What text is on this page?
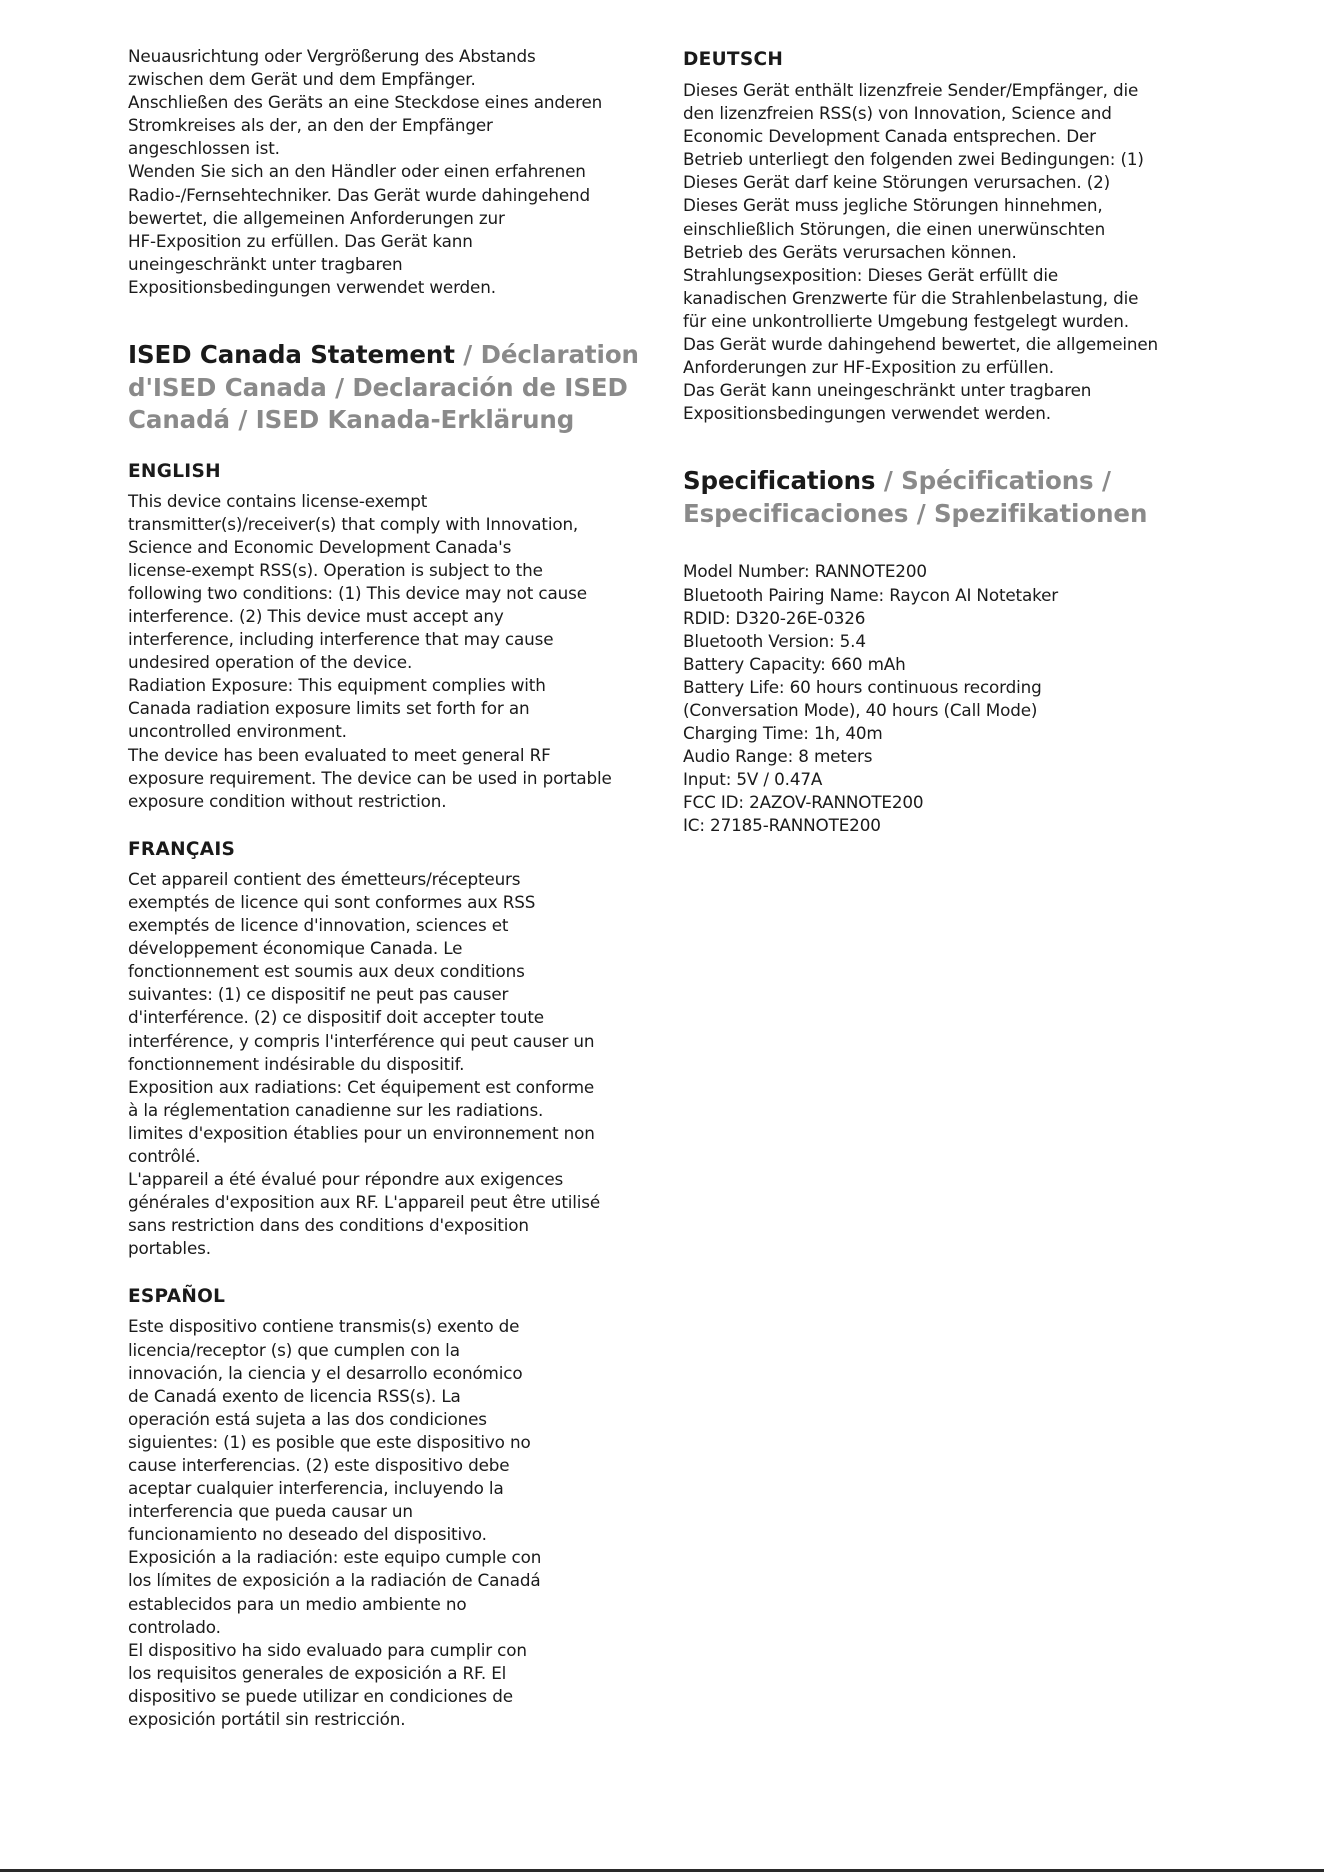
Neuausrichtung oder Vergrößerung des Abstands
zwischen dem Gerät und dem Empfänger.
Anschließen des Geräts an eine Steckdose eines anderen
Stromkreises als der, an den der Empfänger
angeschlossen ist.
Wenden Sie sich an den Händler oder einen erfahrenen
Radio-/Fernsehtechniker. Das Gerät wurde dahingehend
bewertet, die allgemeinen Anforderungen zur
HF-Exposition zu erfüllen. Das Gerät kann
uneingeschränkt unter tragbaren
Expositionsbedingungen verwendet werden.

ISED Canada Statement / Déclaration

d'ISED Canada / Declaración de ISED

Canadá / ISED Kanada-Erklärung

ENGLISH

This device contains license-exempt
transmitter(s)/receiver(s) that comply with Innovation,
Science and Economic Development Canada's
license-exempt RSS(s). Operation is subject to the
following two conditions: (1) This device may not cause
interference. (2) This device must accept any
interference, including interference that may cause
undesired operation of the device.
Radiation Exposure: This equipment complies with
Canada radiation exposure limits set forth for an
uncontrolled environment.
The device has been evaluated to meet general RF
exposure requirement. The device can be used in portable
exposure condition without restriction.

FRANÇAIS

Cet appareil contient des émetteurs/récepteurs
exemptés de licence qui sont conformes aux RSS
exemptés de licence d'innovation, sciences et
développement économique Canada. Le
fonctionnement est soumis aux deux conditions
suivantes: (1) ce dispositif ne peut pas causer
d'interférence. (2) ce dispositif doit accepter toute
interférence, y compris l'interférence qui peut causer un
fonctionnement indésirable du dispositif.
Exposition aux radiations: Cet équipement est conforme
à la réglementation canadienne sur les radiations.
limites d'exposition établies pour un environnement non
contrôlé.
L'appareil a été évalué pour répondre aux exigences
générales d'exposition aux RF. L'appareil peut être utilisé
sans restriction dans des conditions d'exposition
portables.

ESPAÑOL

Este dispositivo contiene transmis(s) exento de
licencia/receptor (s) que cumplen con la
innovación, la ciencia y el desarrollo económico
de Canadá exento de licencia RSS(s). La
operación está sujeta a las dos condiciones
siguientes: (1) es posible que este dispositivo no
cause interferencias. (2) este dispositivo debe
aceptar cualquier interferencia, incluyendo la
interferencia que pueda causar un
funcionamiento no deseado del dispositivo.
Exposición a la radiación: este equipo cumple con
los límites de exposición a la radiación de Canadá
establecidos para un medio ambiente no
controlado.
El dispositivo ha sido evaluado para cumplir con
los requisitos generales de exposición a RF. El
dispositivo se puede utilizar en condiciones de
exposición portátil sin restricción.

DEUTSCH

Dieses Gerät enthält lizenzfreie Sender/Empfänger, die
den lizenzfreien RSS(s) von Innovation, Science and
Economic Development Canada entsprechen. Der
Betrieb unterliegt den folgenden zwei Bedingungen: (1)
Dieses Gerät darf keine Störungen verursachen. (2)
Dieses Gerät muss jegliche Störungen hinnehmen,
einschließlich Störungen, die einen unerwünschten
Betrieb des Geräts verursachen können.
Strahlungsexposition: Dieses Gerät erfüllt die
kanadischen Grenzwerte für die Strahlenbelastung, die
für eine unkontrollierte Umgebung festgelegt wurden.
Das Gerät wurde dahingehend bewertet, die allgemeinen
Anforderungen zur HF-Exposition zu erfüllen.
Das Gerät kann uneingeschränkt unter tragbaren
Expositionsbedingungen verwendet werden.

Specifications / Spécifications /

Especificaciones / Spezifikationen

Model Number: RANNOTE200
Bluetooth Pairing Name: Raycon AI Notetaker
RDID: D320-26E-0326
Bluetooth Version: 5.4
Battery Capacity: 660 mAh
Battery Life: 60 hours continuous recording
(Conversation Mode), 40 hours (Call Mode)
Charging Time: 1h, 40m
Audio Range: 8 meters
Input: 5V / 0.47A
FCC ID: 2AZOV-RANNOTE200
IC: 27185-RANNOTE200
